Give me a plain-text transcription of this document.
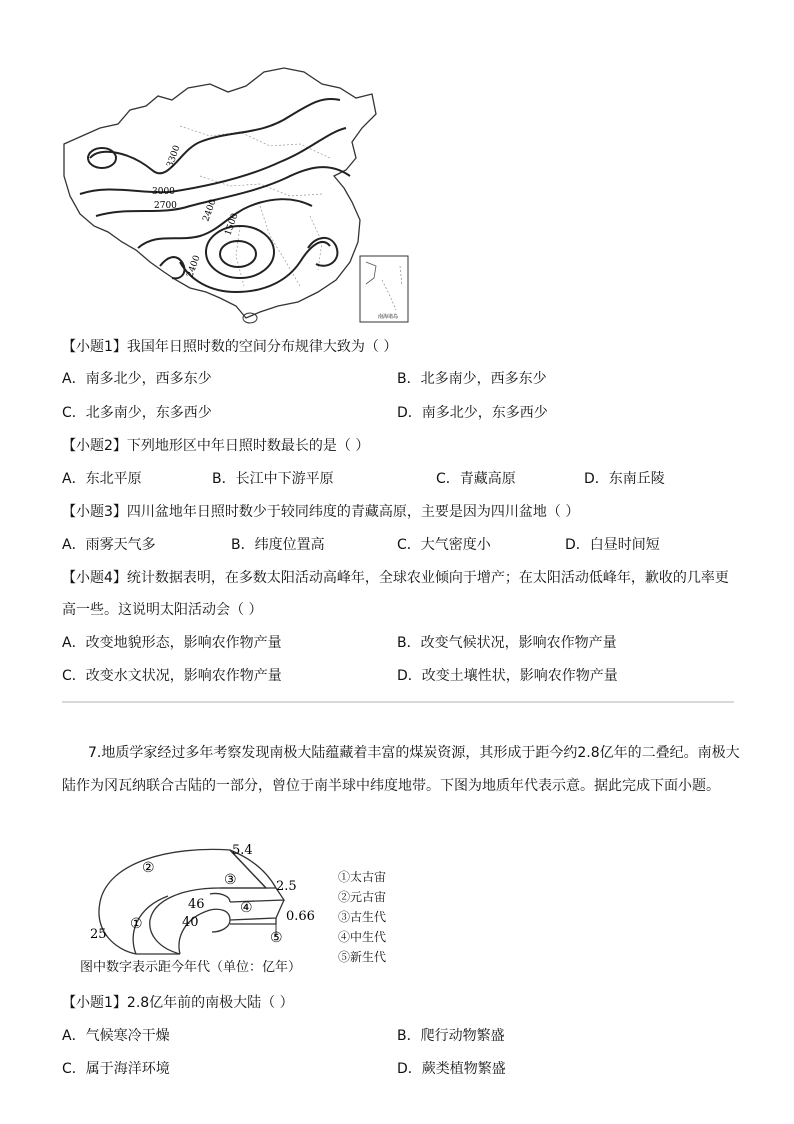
3300
3000
2700	2400
1500
2400
南海诸岛
【小题1】我国年日照时数的空间分布规律大致为（ ）
A．南多北少，西多东少	B．北多南少，西多东少
C．北多南少，东多西少	D．南多北少，东多西少
【小题2】下列地形区中年日照时数最长的是（ ）
A．东北平原	B．长江中下游平原	C．青藏高原	D．东南丘陵
【小题3】四川盆地年日照时数少于较同纬度的青藏高原，主要是因为四川盆地（ ）
A．雨雾天气多	B．纬度位置高	C．大气密度小	D．白昼时间短
【小题4】统计数据表明，在多数太阳活动高峰年，全球农业倾向于增产；在太阳活动低峰年，歉收的几率更
高一些。这说明太阳活动会（ ）
A．改变地貌形态，影响农作物产量	B．改变气候状况，影响农作物产量
C．改变水文状况，影响农作物产量	D．改变土壤性状，影响农作物产量
7.地质学家经过多年考察发现南极大陆蕴藏着丰富的煤炭资源，其形成于距今约2.8亿年的二叠纪。南极大
陆作为冈瓦纳联合古陆的一部分，曾位于南半球中纬度地带。下图为地质年代表示意。据此完成下面小题。
5.4
2.5
46
40	0.66
25
①
②
③
④
⑤
图中数字表示距今年代（单位：亿年）
①太古宙
②元古宙
③古生代
④中生代
⑤新生代
【小题1】2.8亿年前的南极大陆（ ）
A．气候寒冷干燥	B．爬行动物繁盛
C．属于海洋环境	D．蕨类植物繁盛
